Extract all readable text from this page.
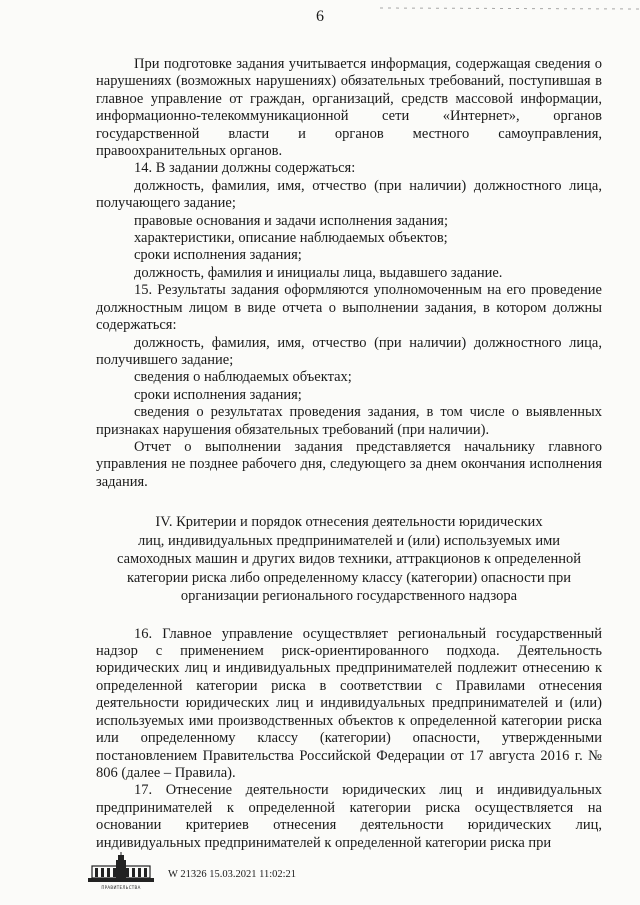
6

При подготовке задания учитывается информация, содержащая сведения о нарушениях (возможных нарушениях) обязательных требований, поступившая в главное управление от граждан, организаций, средств массовой информации, информационно-телекоммуникационной сети «Интернет», органов государственной власти и органов местного самоуправления, правоохранительных органов.

14. В задании должны содержаться:

должность, фамилия, имя, отчество (при наличии) должностного лица, получающего задание;

правовые основания и задачи исполнения задания;

характеристики, описание наблюдаемых объектов;

сроки исполнения задания;

должность, фамилия и инициалы лица, выдавшего задание.

15. Результаты задания оформляются уполномоченным на его проведение должностным лицом в виде отчета о выполнении задания, в котором должны содержаться:

должность, фамилия, имя, отчество (при наличии) должностного лица, получившего задание;

сведения о наблюдаемых объектах;

сроки исполнения задания;

сведения о результатах проведения задания, в том числе о выявленных признаках нарушения обязательных требований (при наличии).

Отчет о выполнении задания представляется начальнику главного управления не позднее рабочего дня, следующего за днем окончания исполнения задания.

IV. Критерии и порядок отнесения деятельности юридических
лиц, индивидуальных предпринимателей и (или) используемых ими
самоходных машин и других видов техники, аттракционов к определенной
категории риска либо определенному классу (категории) опасности при
организации регионального государственного надзора

16. Главное управление осуществляет региональный государственный надзор с применением риск-ориентированного подхода. Деятельность юридических лиц и индивидуальных предпринимателей подлежит отнесению к определенной категории риска в соответствии с Правилами отнесения деятельности юридических лиц и индивидуальных предпринимателей и (или) используемых ими производственных объектов к определенной категории риска или определенному классу (категории) опасности, утвержденными постановлением Правительства Российской Федерации от 17 августа 2016 г. № 806 (далее – Правила).

17. Отнесение деятельности юридических лиц и индивидуальных предпринимателей к определенной категории риска осуществляется на основании критериев отнесения деятельности юридических лиц, индивидуальных предпринимателей к определенной категории риска при

ПРАВИТЕЛЬСТВА
W 21326 15.03.2021 11:02:21
